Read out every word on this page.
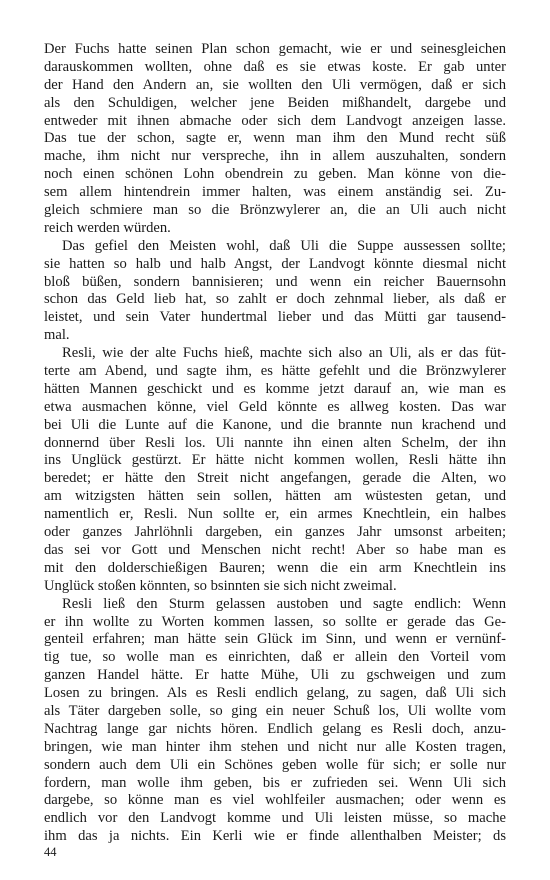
Der Fuchs hatte seinen Plan schon gemacht, wie er und seinesgleichen
darauskommen wollten, ohne daß es sie etwas koste. Er gab unter
der Hand den Andern an, sie wollten den Uli vermögen, daß er sich
als den Schuldigen, welcher jene Beiden mißhandelt, dargebe und
entweder mit ihnen abmache oder sich dem Landvogt anzeigen lasse.
Das tue der schon, sagte er, wenn man ihm den Mund recht süß
mache, ihm nicht nur verspreche, ihn in allem auszuhalten, sondern
noch einen schönen Lohn obendrein zu geben. Man könne von die-
sem allem hintendrein immer halten, was einem anständig sei. Zu-
gleich schmiere man so die Brönzwylerer an, die an Uli auch nicht
reich werden würden.
Das gefiel den Meisten wohl, daß Uli die Suppe aussessen sollte;
sie hatten so halb und halb Angst, der Landvogt könnte diesmal nicht
bloß büßen, sondern bannisieren; und wenn ein reicher Bauernsohn
schon das Geld lieb hat, so zahlt er doch zehnmal lieber, als daß er
leistet, und sein Vater hundertmal lieber und das Mütti gar tausend-
mal.
Resli, wie der alte Fuchs hieß, machte sich also an Uli, als er das füt-
terte am Abend, und sagte ihm, es hätte gefehlt und die Brönzwylerer
hätten Mannen geschickt und es komme jetzt darauf an, wie man es
etwa ausmachen könne, viel Geld könnte es allweg kosten. Das war
bei Uli die Lunte auf die Kanone, und die brannte nun krachend und
donnernd über Resli los. Uli nannte ihn einen alten Schelm, der ihn
ins Unglück gestürzt. Er hätte nicht kommen wollen, Resli hätte ihn
beredet; er hätte den Streit nicht angefangen, gerade die Alten, wo
am witzigsten hätten sein sollen, hätten am wüstesten getan, und
namentlich er, Resli. Nun sollte er, ein armes Knechtlein, ein halbes
oder ganzes Jahrlöhnli dargeben, ein ganzes Jahr umsonst arbeiten;
das sei vor Gott und Menschen nicht recht! Aber so habe man es
mit den dolderschießigen Bauren; wenn die ein arm Knechtlein ins
Unglück stoßen könnten, so bsinnten sie sich nicht zweimal.
Resli ließ den Sturm gelassen austoben und sagte endlich: Wenn
er ihn wollte zu Worten kommen lassen, so sollte er gerade das Ge-
genteil erfahren; man hätte sein Glück im Sinn, und wenn er vernünf-
tig tue, so wolle man es einrichten, daß er allein den Vorteil vom
ganzen Handel hätte. Er hatte Mühe, Uli zu gschweigen und zum
Losen zu bringen. Als es Resli endlich gelang, zu sagen, daß Uli sich
als Täter dargeben solle, so ging ein neuer Schuß los, Uli wollte vom
Nachtrag lange gar nichts hören. Endlich gelang es Resli doch, anzu-
bringen, wie man hinter ihm stehen und nicht nur alle Kosten tragen,
sondern auch dem Uli ein Schönes geben wolle für sich; er solle nur
fordern, man wolle ihm geben, bis er zufrieden sei. Wenn Uli sich
dargebe, so könne man es viel wohlfeiler ausmachen; oder wenn es
endlich vor den Landvogt komme und Uli leisten müsse, so mache
ihm das ja nichts. Ein Kerli wie er finde allenthalben Meister; ds
44
